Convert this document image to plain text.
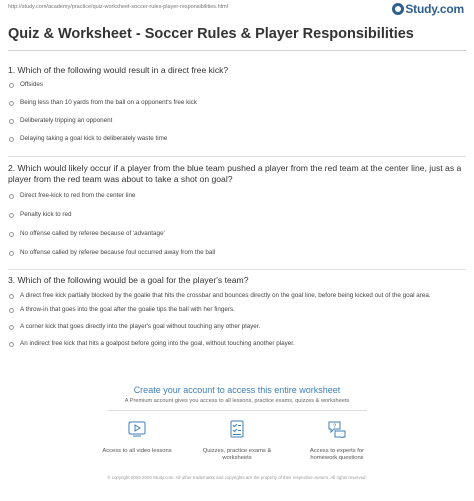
http://study.com/academy/practice/quiz-worksheet-soccer-rules-player-responsibilities.html	Study.com
Quiz & Worksheet - Soccer Rules & Player Responsibilities
1. Which of the following would result in a direct free kick?
Offsides
Being less than 10 yards from the ball on a opponent's free kick
Deliberately tripping an opponent
Delaying taking a goal kick to deliberately waste time
2. Which would likely occur if a player from the blue team pushed a player from the red team at the center line, just as a player from the red team was about to take a shot on goal?
Direct free-kick to red from the center line
Penalty kick to red
No offense called by referee because of 'advantage'
No offense called by referee because foul occurred away from the ball
3. Which of the following would be a goal for the player's team?
A direct free kick partially blocked by the goalie that hits the crossbar and bounces directly on the goal line, before being kicked out of the goal area.
A throw-in that goes into the goal after the goalie tips the ball with her fingers.
A corner kick that goes directly into the player's goal without touching any other player.
An indirect free kick that hits a goalpost before going into the goal, without touching another player.
Create your account to access this entire worksheet
A Premium account gives you access to all lessons, practice exams, quizzes & worksheets
Access to all video lessons	Quizzes, practice exams & worksheets
?
Access to experts for homework questions
© copyright 2003-2020 Study.com. All other trademarks and copyrights are the property of their respective owners. All rights reserved.
